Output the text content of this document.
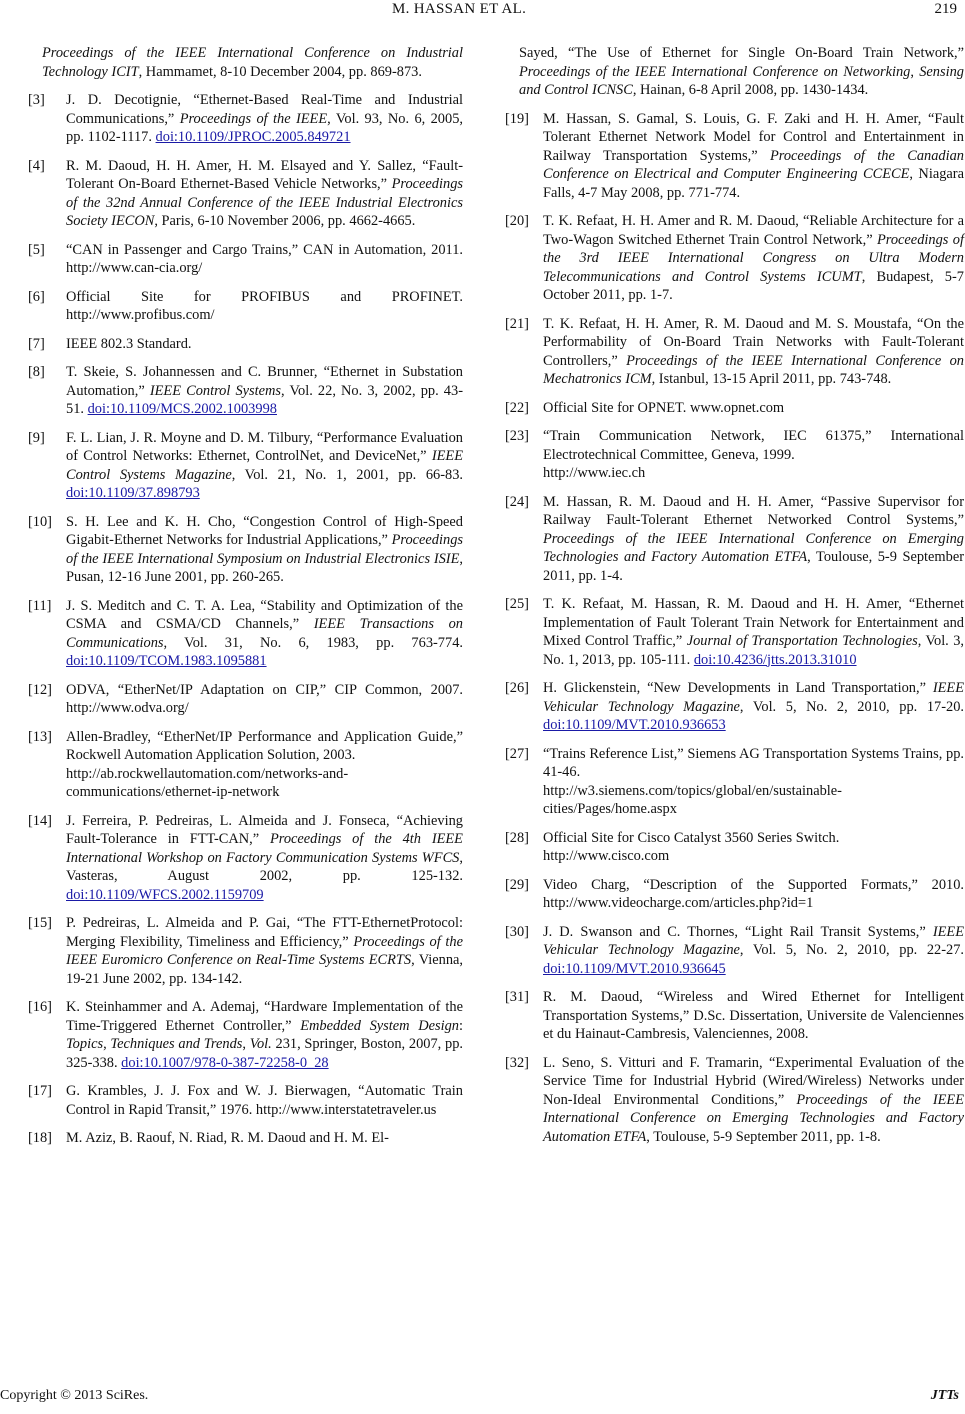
M. HASSAN ET AL.	219
Proceedings of the IEEE International Conference on Industrial Technology ICIT, Hammamet, 8-10 December 2004, pp. 869-873.
[3] J. D. Decotignie, “Ethernet-Based Real-Time and Industrial Communications,” Proceedings of the IEEE, Vol. 93, No. 6, 2005, pp. 1102-1117. doi:10.1109/JPROC.2005.849721
[4] R. M. Daoud, H. H. Amer, H. M. Elsayed and Y. Sallez, “Fault-Tolerant On-Board Ethernet-Based Vehicle Networks,” Proceedings of the 32nd Annual Conference of the IEEE Industrial Electronics Society IECON, Paris, 6-10 November 2006, pp. 4662-4665.
[5] “CAN in Passenger and Cargo Trains,” CAN in Automation, 2011. http://www.can-cia.org/
[6] Official Site for PROFIBUS and PROFINET. http://www.profibus.com/
[7] IEEE 802.3 Standard.
[8] T. Skeie, S. Johannessen and C. Brunner, “Ethernet in Substation Automation,” IEEE Control Systems, Vol. 22, No. 3, 2002, pp. 43-51. doi:10.1109/MCS.2002.1003998
[9] F. L. Lian, J. R. Moyne and D. M. Tilbury, “Performance Evaluation of Control Networks: Ethernet, ControlNet, and DeviceNet,” IEEE Control Systems Magazine, Vol. 21, No. 1, 2001, pp. 66-83. doi:10.1109/37.898793
[10] S. H. Lee and K. H. Cho, “Congestion Control of High-Speed Gigabit-Ethernet Networks for Industrial Applications,” Proceedings of the IEEE International Symposium on Industrial Electronics ISIE, Pusan, 12-16 June 2001, pp. 260-265.
[11] J. S. Meditch and C. T. A. Lea, “Stability and Optimization of the CSMA and CSMA/CD Channels,” IEEE Transactions on Communications, Vol. 31, No. 6, 1983, pp. 763-774. doi:10.1109/TCOM.1983.1095881
[12] ODVA, “EtherNet/IP Adaptation on CIP,” CIP Common, 2007. http://www.odva.org/
[13] Allen-Bradley, “EtherNet/IP Performance and Application Guide,” Rockwell Automation Application Solution, 2003.
http://ab.rockwellautomation.com/networks-and-communications/ethernet-ip-network
[14] J. Ferreira, P. Pedreiras, L. Almeida and J. Fonseca, “Achieving Fault-Tolerance in FTT-CAN,” Proceedings of the 4th IEEE International Workshop on Factory Communication Systems WFCS, Vasteras, August 2002, pp. 125-132. doi:10.1109/WFCS.2002.1159709
[15] P. Pedreiras, L. Almeida and P. Gai, “The FTT-EthernetProtocol: Merging Flexibility, Timeliness and Efficiency,” Proceedings of the IEEE Euromicro Conference on Real-Time Systems ECRTS, Vienna, 19-21 June 2002, pp. 134-142.
[16] K. Steinhammer and A. Ademaj, “Hardware Implementation of the Time-Triggered Ethernet Controller,” Embedded System Design: Topics, Techniques and Trends, Vol. 231, Springer, Boston, 2007, pp. 325-338. doi:10.1007/978-0-387-72258-0_28
[17] G. Krambles, J. J. Fox and W. J. Bierwagen, “Automatic Train Control in Rapid Transit,” 1976. http://www.interstatetraveler.us
[18] M. Aziz, B. Raouf, N. Riad, R. M. Daoud and H. M. El-
Sayed, “The Use of Ethernet for Single On-Board Train Network,” Proceedings of the IEEE International Conference on Networking, Sensing and Control ICNSC, Hainan, 6-8 April 2008, pp. 1430-1434.
[19] M. Hassan, S. Gamal, S. Louis, G. F. Zaki and H. H. Amer, “Fault Tolerant Ethernet Network Model for Control and Entertainment in Railway Transportation Systems,” Proceedings of the Canadian Conference on Electrical and Computer Engineering CCECE, Niagara Falls, 4-7 May 2008, pp. 771-774.
[20] T. K. Refaat, H. H. Amer and R. M. Daoud, “Reliable Architecture for a Two-Wagon Switched Ethernet Train Control Network,” Proceedings of the 3rd IEEE International Congress on Ultra Modern Telecommunications and Control Systems ICUMT, Budapest, 5-7 October 2011, pp. 1-7.
[21] T. K. Refaat, H. H. Amer, R. M. Daoud and M. S. Moustafa, “On the Performability of On-Board Train Networks with Fault-Tolerant Controllers,” Proceedings of the IEEE International Conference on Mechatronics ICM, Istanbul, 13-15 April 2011, pp. 743-748.
[22] Official Site for OPNET. www.opnet.com
[23] “Train Communication Network, IEC 61375,” International Electrotechnical Committee, Geneva, 1999.
http://www.iec.ch
[24] M. Hassan, R. M. Daoud and H. H. Amer, “Passive Supervisor for Railway Fault-Tolerant Ethernet Networked Control Systems,” Proceedings of the IEEE International Conference on Emerging Technologies and Factory Automation ETFA, Toulouse, 5-9 September 2011, pp. 1-4.
[25] T. K. Refaat, M. Hassan, R. M. Daoud and H. H. Amer, “Ethernet Implementation of Fault Tolerant Train Network for Entertainment and Mixed Control Traffic,” Journal of Transportation Technologies, Vol. 3, No. 1, 2013, pp. 105-111. doi:10.4236/jtts.2013.31010
[26] H. Glickenstein, “New Developments in Land Transportation,” IEEE Vehicular Technology Magazine, Vol. 5, No. 2, 2010, pp. 17-20. doi:10.1109/MVT.2010.936653
[27] “Trains Reference List,” Siemens AG Transportation Systems Trains, pp. 41-46.
http://w3.siemens.com/topics/global/en/sustainable-cities/Pages/home.aspx
[28] Official Site for Cisco Catalyst 3560 Series Switch.
http://www.cisco.com
[29] Video Charg, “Description of the Supported Formats,” 2010. http://www.videocharge.com/articles.php?id=1
[30] J. D. Swanson and C. Thornes, “Light Rail Transit Systems,” IEEE Vehicular Technology Magazine, Vol. 5, No. 2, 2010, pp. 22-27. doi:10.1109/MVT.2010.936645
[31] R. M. Daoud, “Wireless and Wired Ethernet for Intelligent Transportation Systems,” D.Sc. Dissertation, Universite de Valenciennes et du Hainaut-Cambresis, Valenciennes, 2008.
[32] L. Seno, S. Vitturi and F. Tramarin, “Experimental Evaluation of the Service Time for Industrial Hybrid (Wired/Wireless) Networks under Non-Ideal Environmental Conditions,” Proceedings of the IEEE International Conference on Emerging Technologies and Factory Automation ETFA, Toulouse, 5-9 September 2011, pp. 1-8.
Copyright © 2013 SciRes.	JTTs
